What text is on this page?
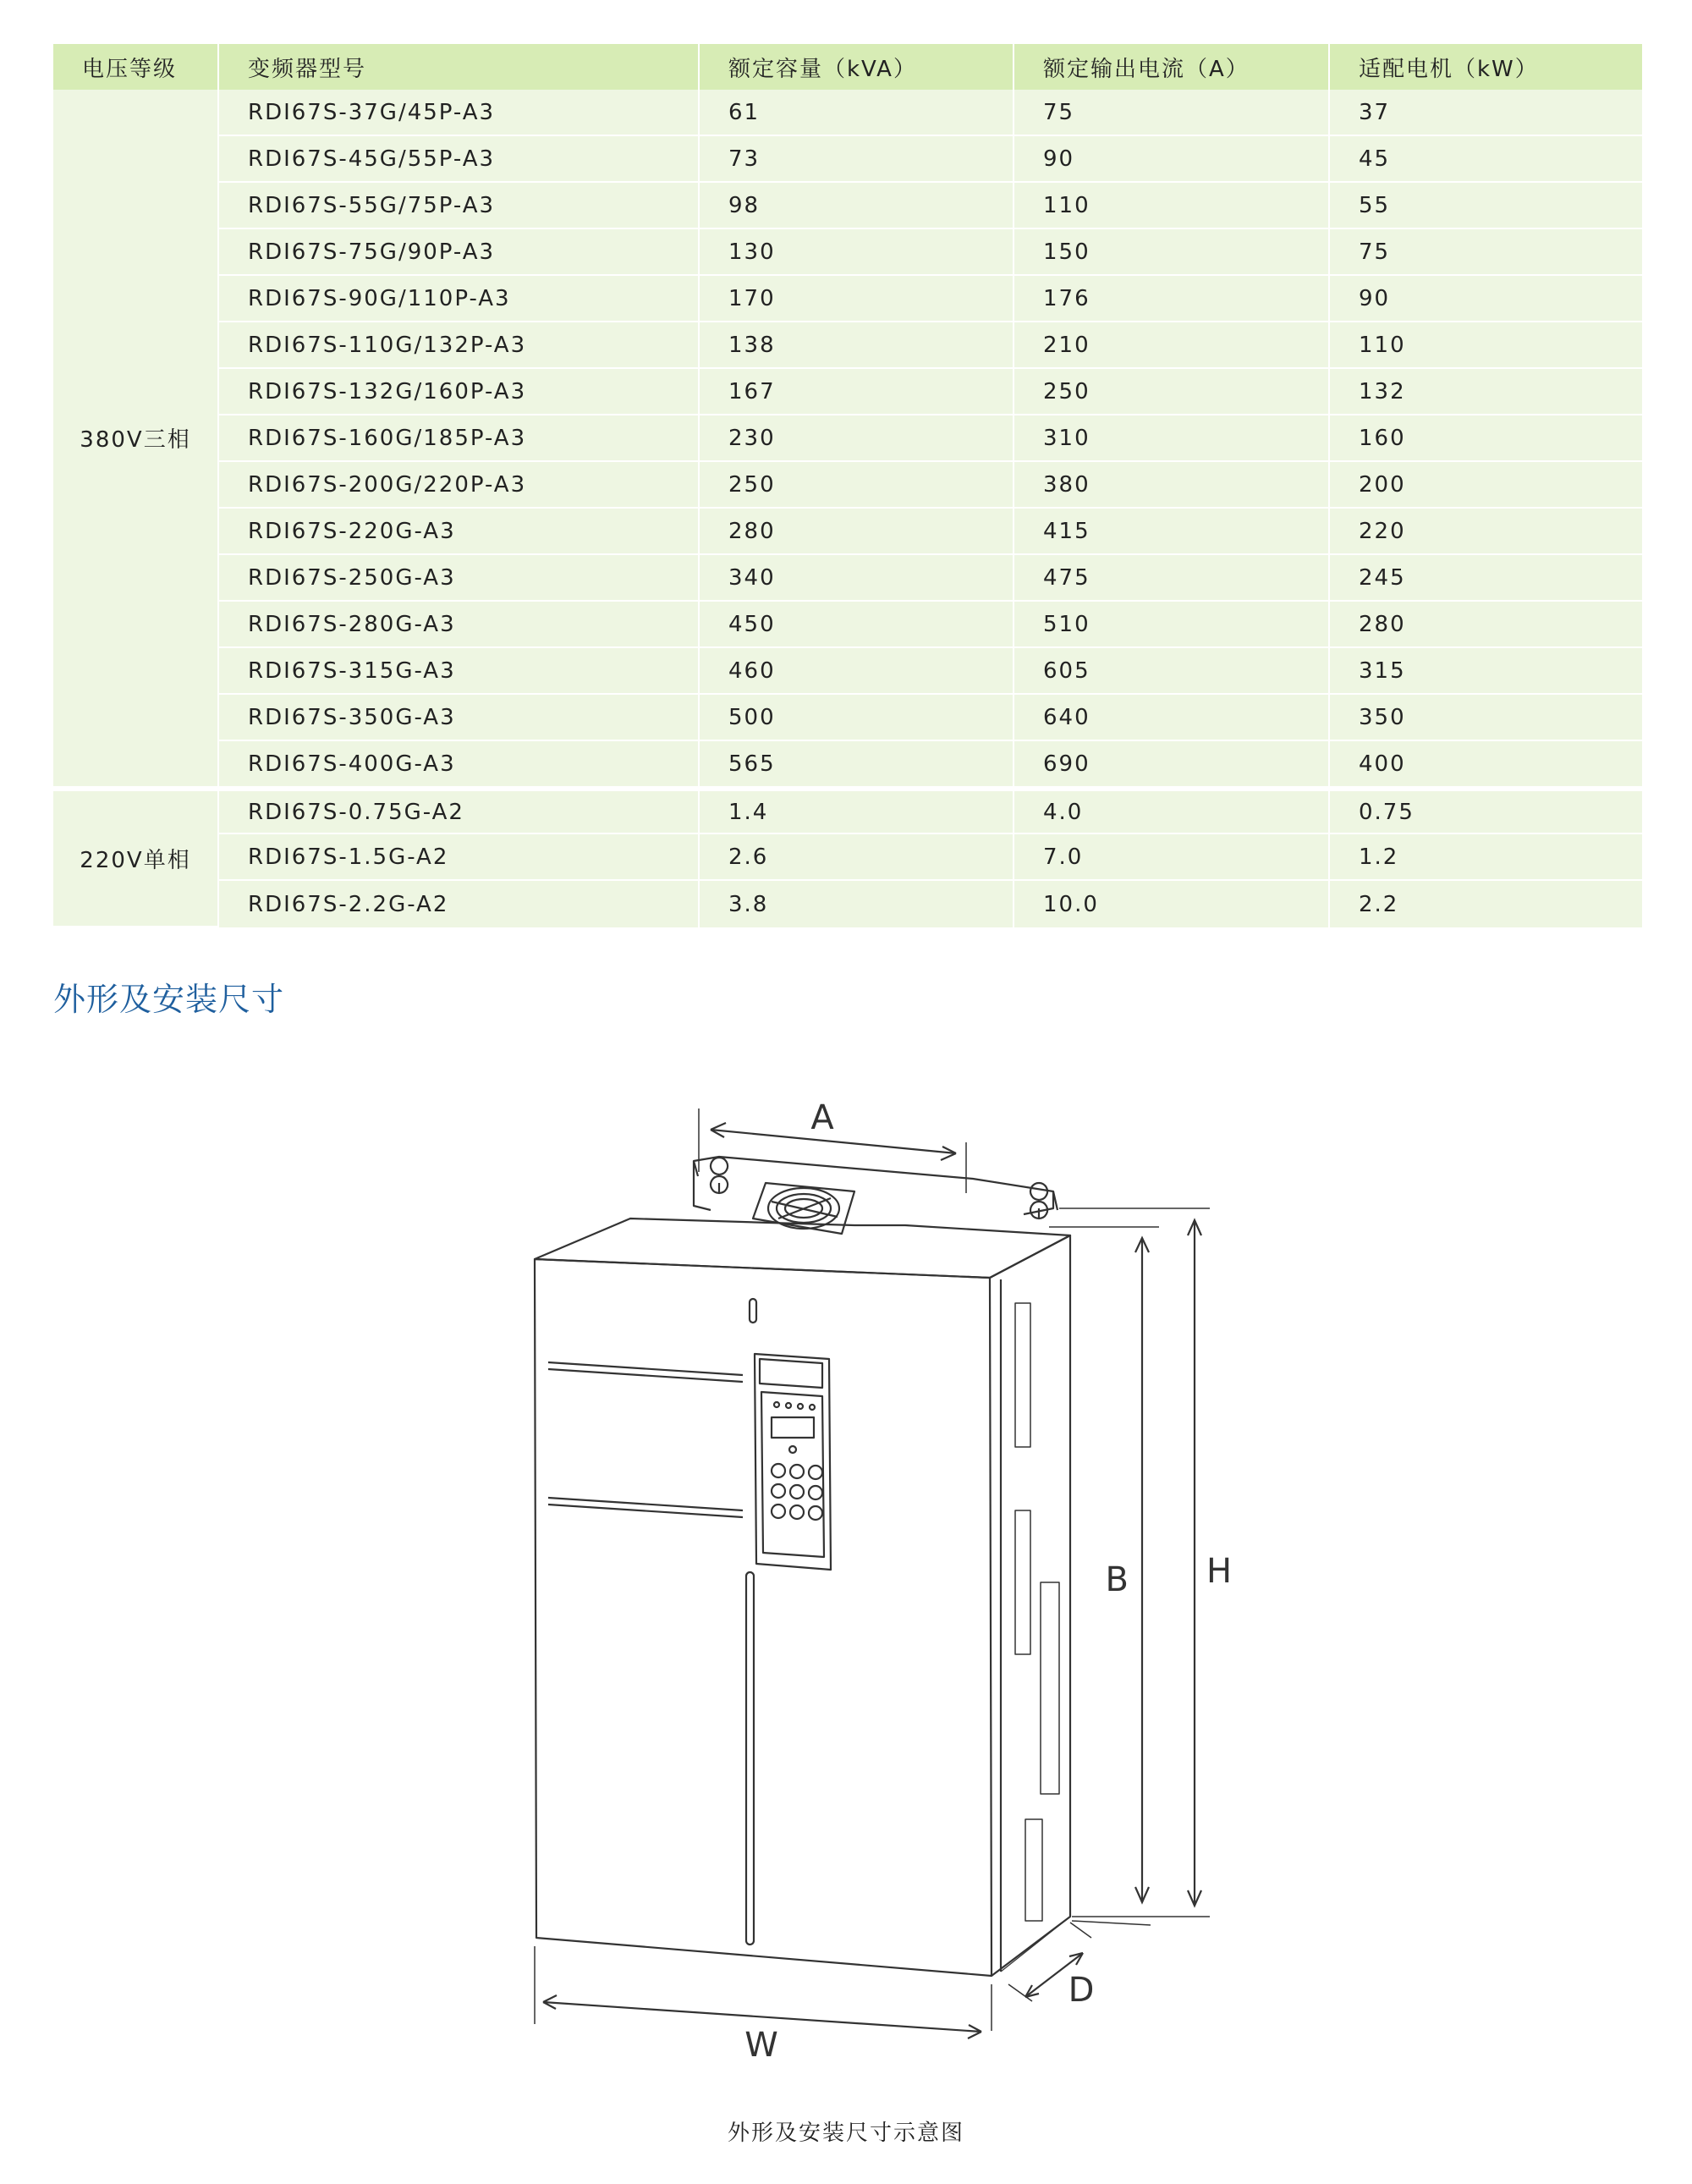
电压等级	变频器型号	额定容量（kVA）	额定输出电流（A）	适配电机（kW）
380V三相	RDI67S-37G/45P-A3	61	75	37
	RDI67S-45G/55P-A3	73	90	45
	RDI67S-55G/75P-A3	98	110	55
	RDI67S-75G/90P-A3	130	150	75
	RDI67S-90G/110P-A3	170	176	90
	RDI67S-110G/132P-A3	138	210	110
	RDI67S-132G/160P-A3	167	250	132
	RDI67S-160G/185P-A3	230	310	160
	RDI67S-200G/220P-A3	250	380	200
	RDI67S-220G-A3	280	415	220
	RDI67S-250G-A3	340	475	245
	RDI67S-280G-A3	450	510	280
	RDI67S-315G-A3	460	605	315
	RDI67S-350G-A3	500	640	350
	RDI67S-400G-A3	565	690	400
220V单相	RDI67S-0.75G-A2	1.4	4.0	0.75
	RDI67S-1.5G-A2	2.6	7.0	1.2
	RDI67S-2.2G-A2	3.8	10.0	2.2
外形及安装尺寸
A
B H
D
W
外形及安装尺寸示意图
